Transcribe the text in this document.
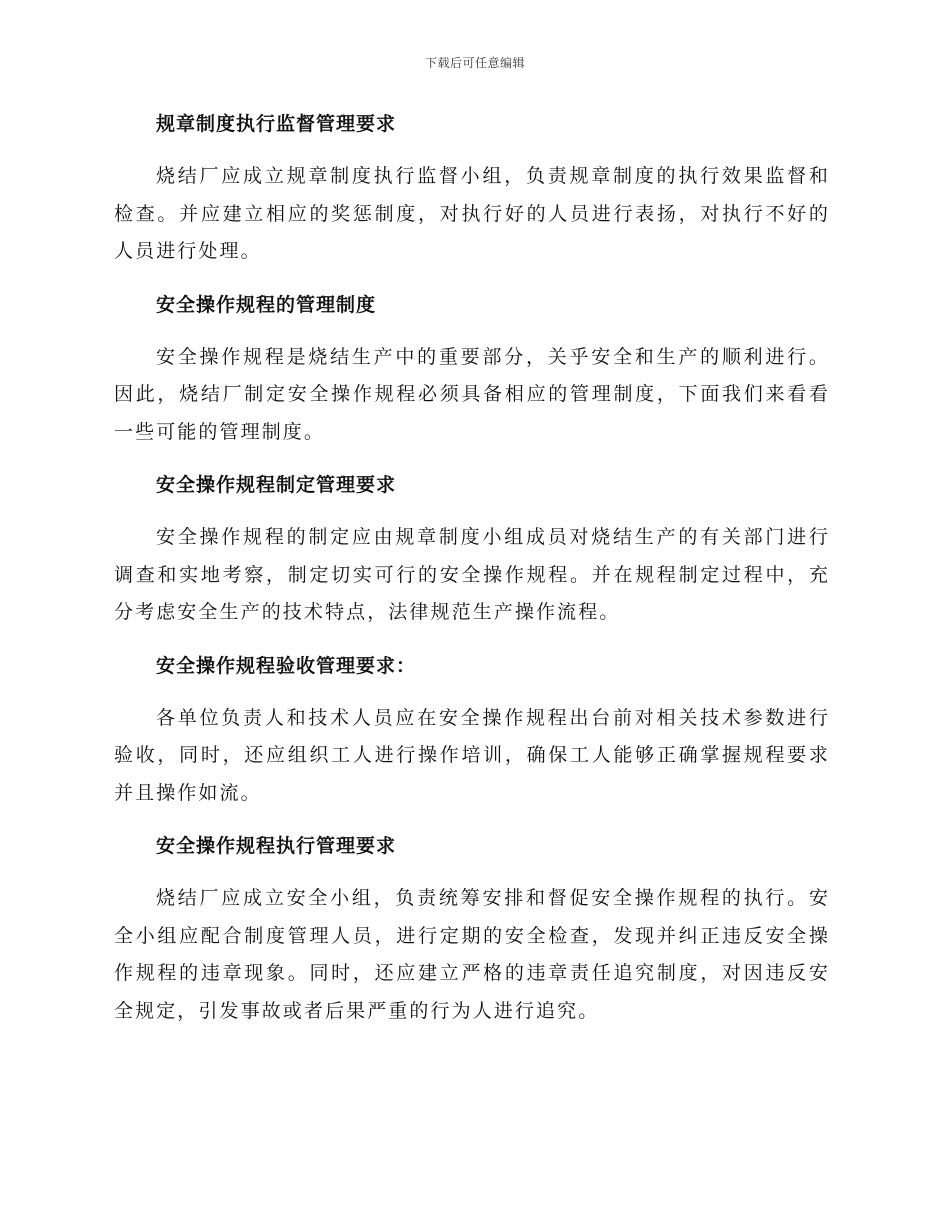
下载后可任意编辑
规章制度执行监督管理要求

烧结厂应成立规章制度执行监督小组，负责规章制度的执行效果监督和检查。并应建立相应的奖惩制度，对执行好的人员进行表扬，对执行不好的人员进行处理。

安全操作规程的管理制度

安全操作规程是烧结生产中的重要部分，关乎安全和生产的顺利进行。因此，烧结厂制定安全操作规程必须具备相应的管理制度，下面我们来看看一些可能的管理制度。

安全操作规程制定管理要求

安全操作规程的制定应由规章制度小组成员对烧结生产的有关部门进行调查和实地考察，制定切实可行的安全操作规程。并在规程制定过程中，充分考虑安全生产的技术特点，法律规范生产操作流程。

安全操作规程验收管理要求：

各单位负责人和技术人员应在安全操作规程出台前对相关技术参数进行验收，同时，还应组织工人进行操作培训，确保工人能够正确掌握规程要求并且操作如流。

安全操作规程执行管理要求

烧结厂应成立安全小组，负责统筹安排和督促安全操作规程的执行。安全小组应配合制度管理人员，进行定期的安全检查，发现并纠正违反安全操作规程的违章现象。同时，还应建立严格的违章责任追究制度，对因违反安全规定，引发事故或者后果严重的行为人进行追究。
